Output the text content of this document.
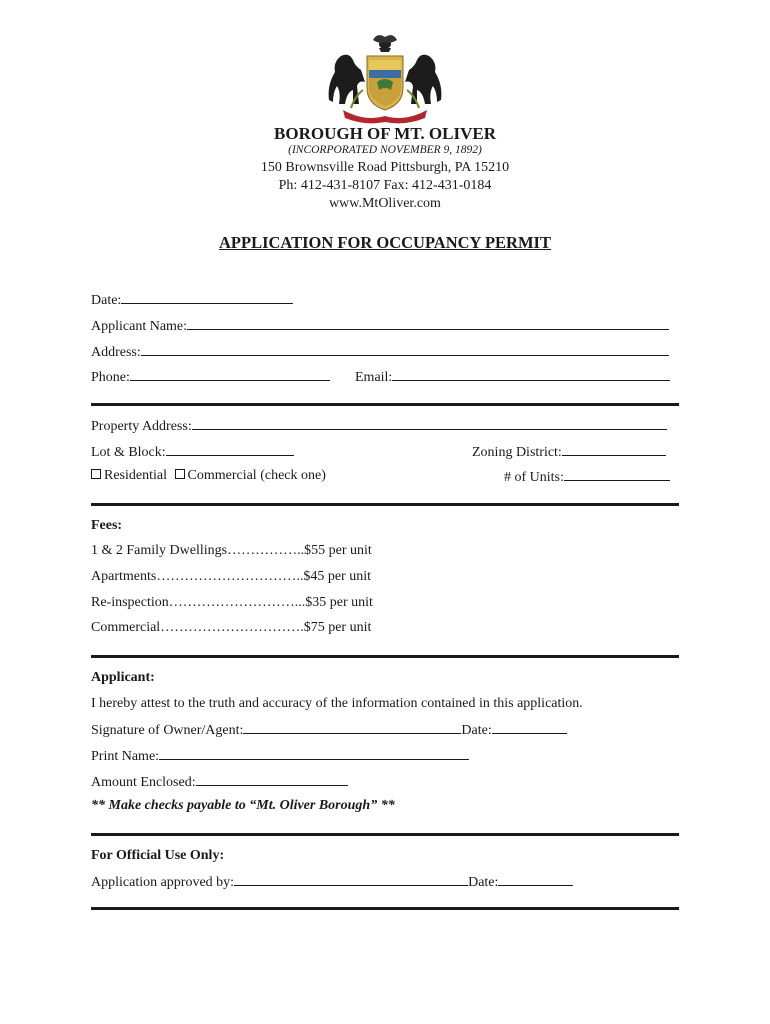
BOROUGH OF MT. OLIVER
(INCORPORATED NOVEMBER 9, 1892)
150 Brownsville Road Pittsburgh, PA 15210
Ph: 412-431-8107 Fax: 412-431-0184
www.MtOliver.com
APPLICATION FOR OCCUPANCY PERMIT
Date:
Applicant Name:
Address:
Phone:	Email:
Property Address:
Lot & Block:	Zoning District:
Residential Commercial (check one)	# of Units:
Fees:
1 & 2 Family Dwellings……………..$55 per unit
Apartments…………………………..$45 per unit
Re-inspection………………………...$35 per unit
Commercial………………………….$75 per unit
Applicant:
I hereby attest to the truth and accuracy of the information contained in this application.
Signature of Owner/Agent:	Date:
Print Name:
Amount Enclosed:
** Make checks payable to “Mt. Oliver Borough” **
For Official Use Only:
Application approved by:	Date:
